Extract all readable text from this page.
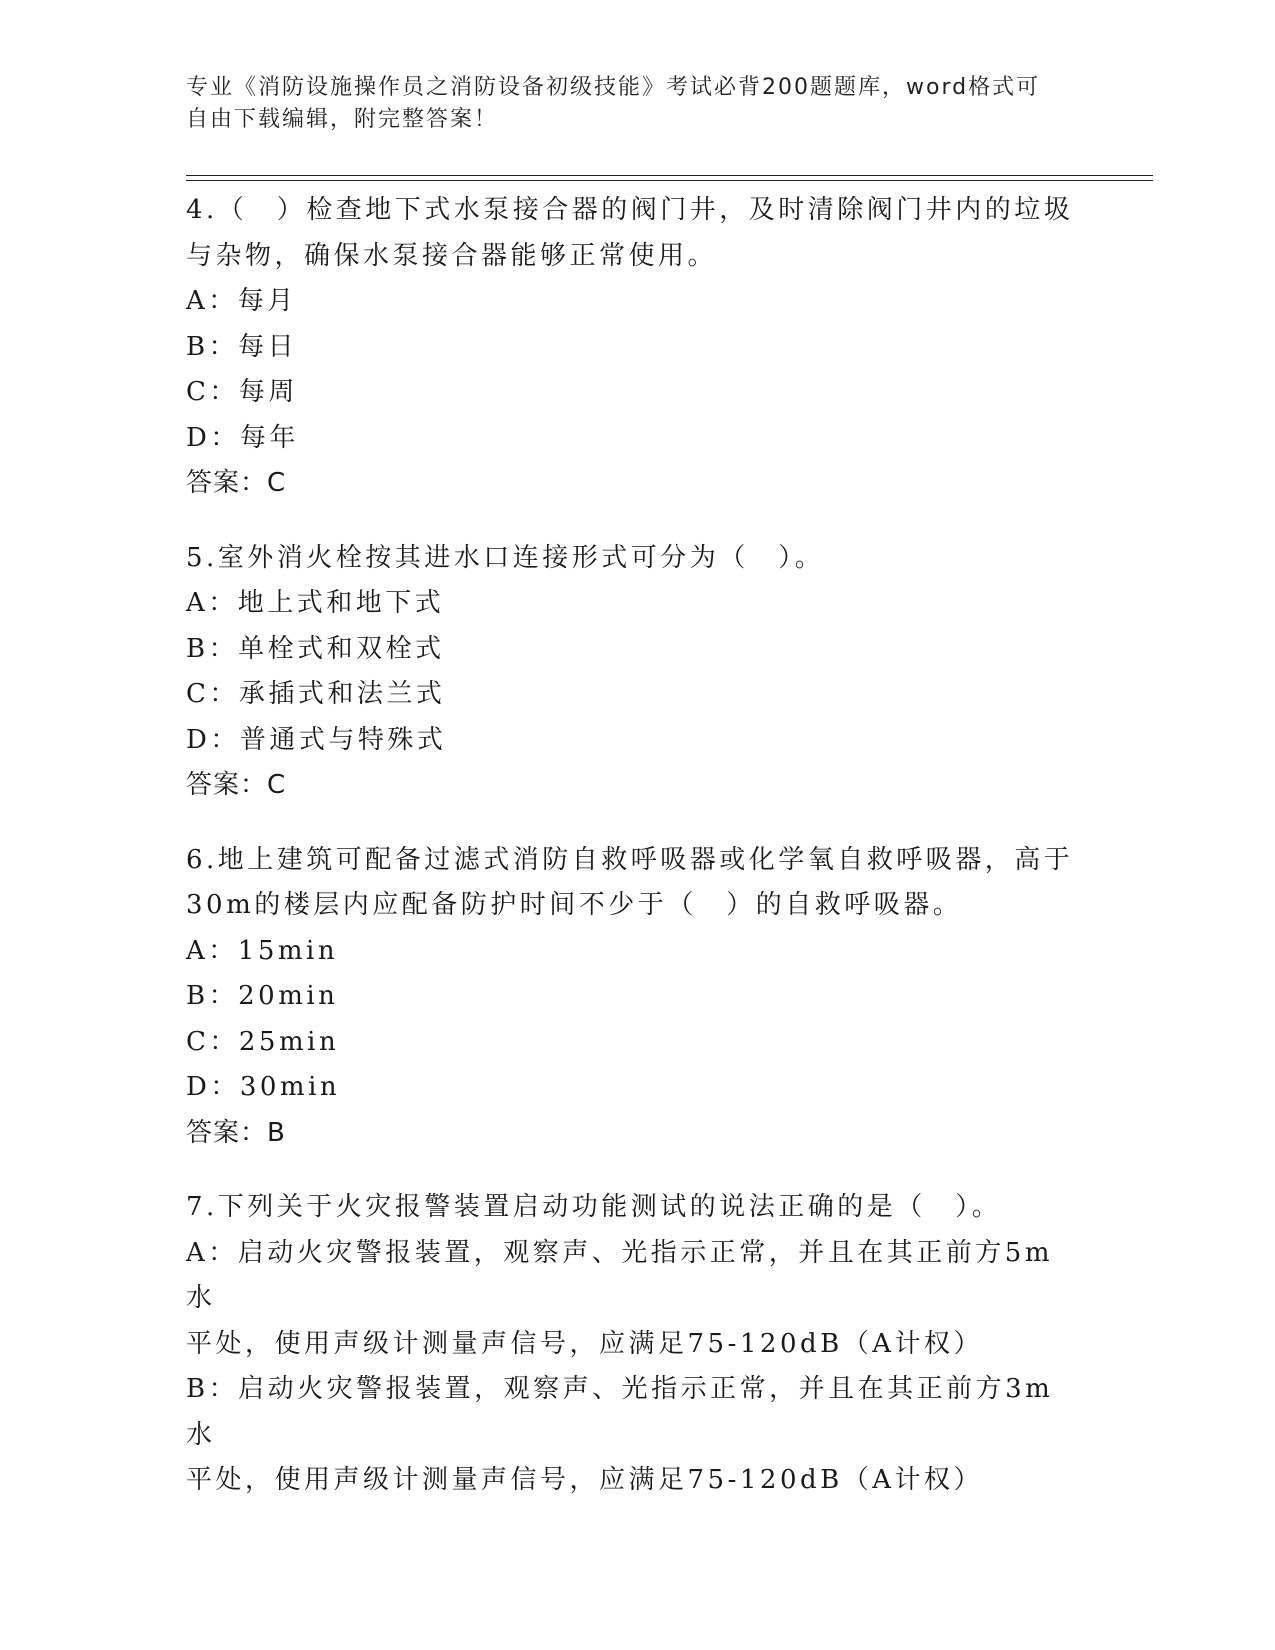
专业《消防设施操作员之消防设备初级技能》考试必背200题题库，word格式可
自由下载编辑，附完整答案！
4.（　）检查地下式水泵接合器的阀门井，及时清除阀门井内的垃圾
与杂物，确保水泵接合器能够正常使用。
A：每月
B：每日
C：每周
D：每年
答案：C
5.室外消火栓按其进水口连接形式可分为（　）。
A：地上式和地下式
B：单栓式和双栓式
C：承插式和法兰式
D：普通式与特殊式
答案：C
6.地上建筑可配备过滤式消防自救呼吸器或化学氧自救呼吸器，高于
30m的楼层内应配备防护时间不少于（　）的自救呼吸器。
A：15min
B：20min
C：25min
D：30min
答案：B
7.下列关于火灾报警装置启动功能测试的说法正确的是（　）。
A：启动火灾警报装置，观察声、光指示正常，并且在其正前方5m水
平处，使用声级计测量声信号，应满足75-120dB（A计权）
B：启动火灾警报装置，观察声、光指示正常，并且在其正前方3m水
平处，使用声级计测量声信号，应满足75-120dB（A计权）
